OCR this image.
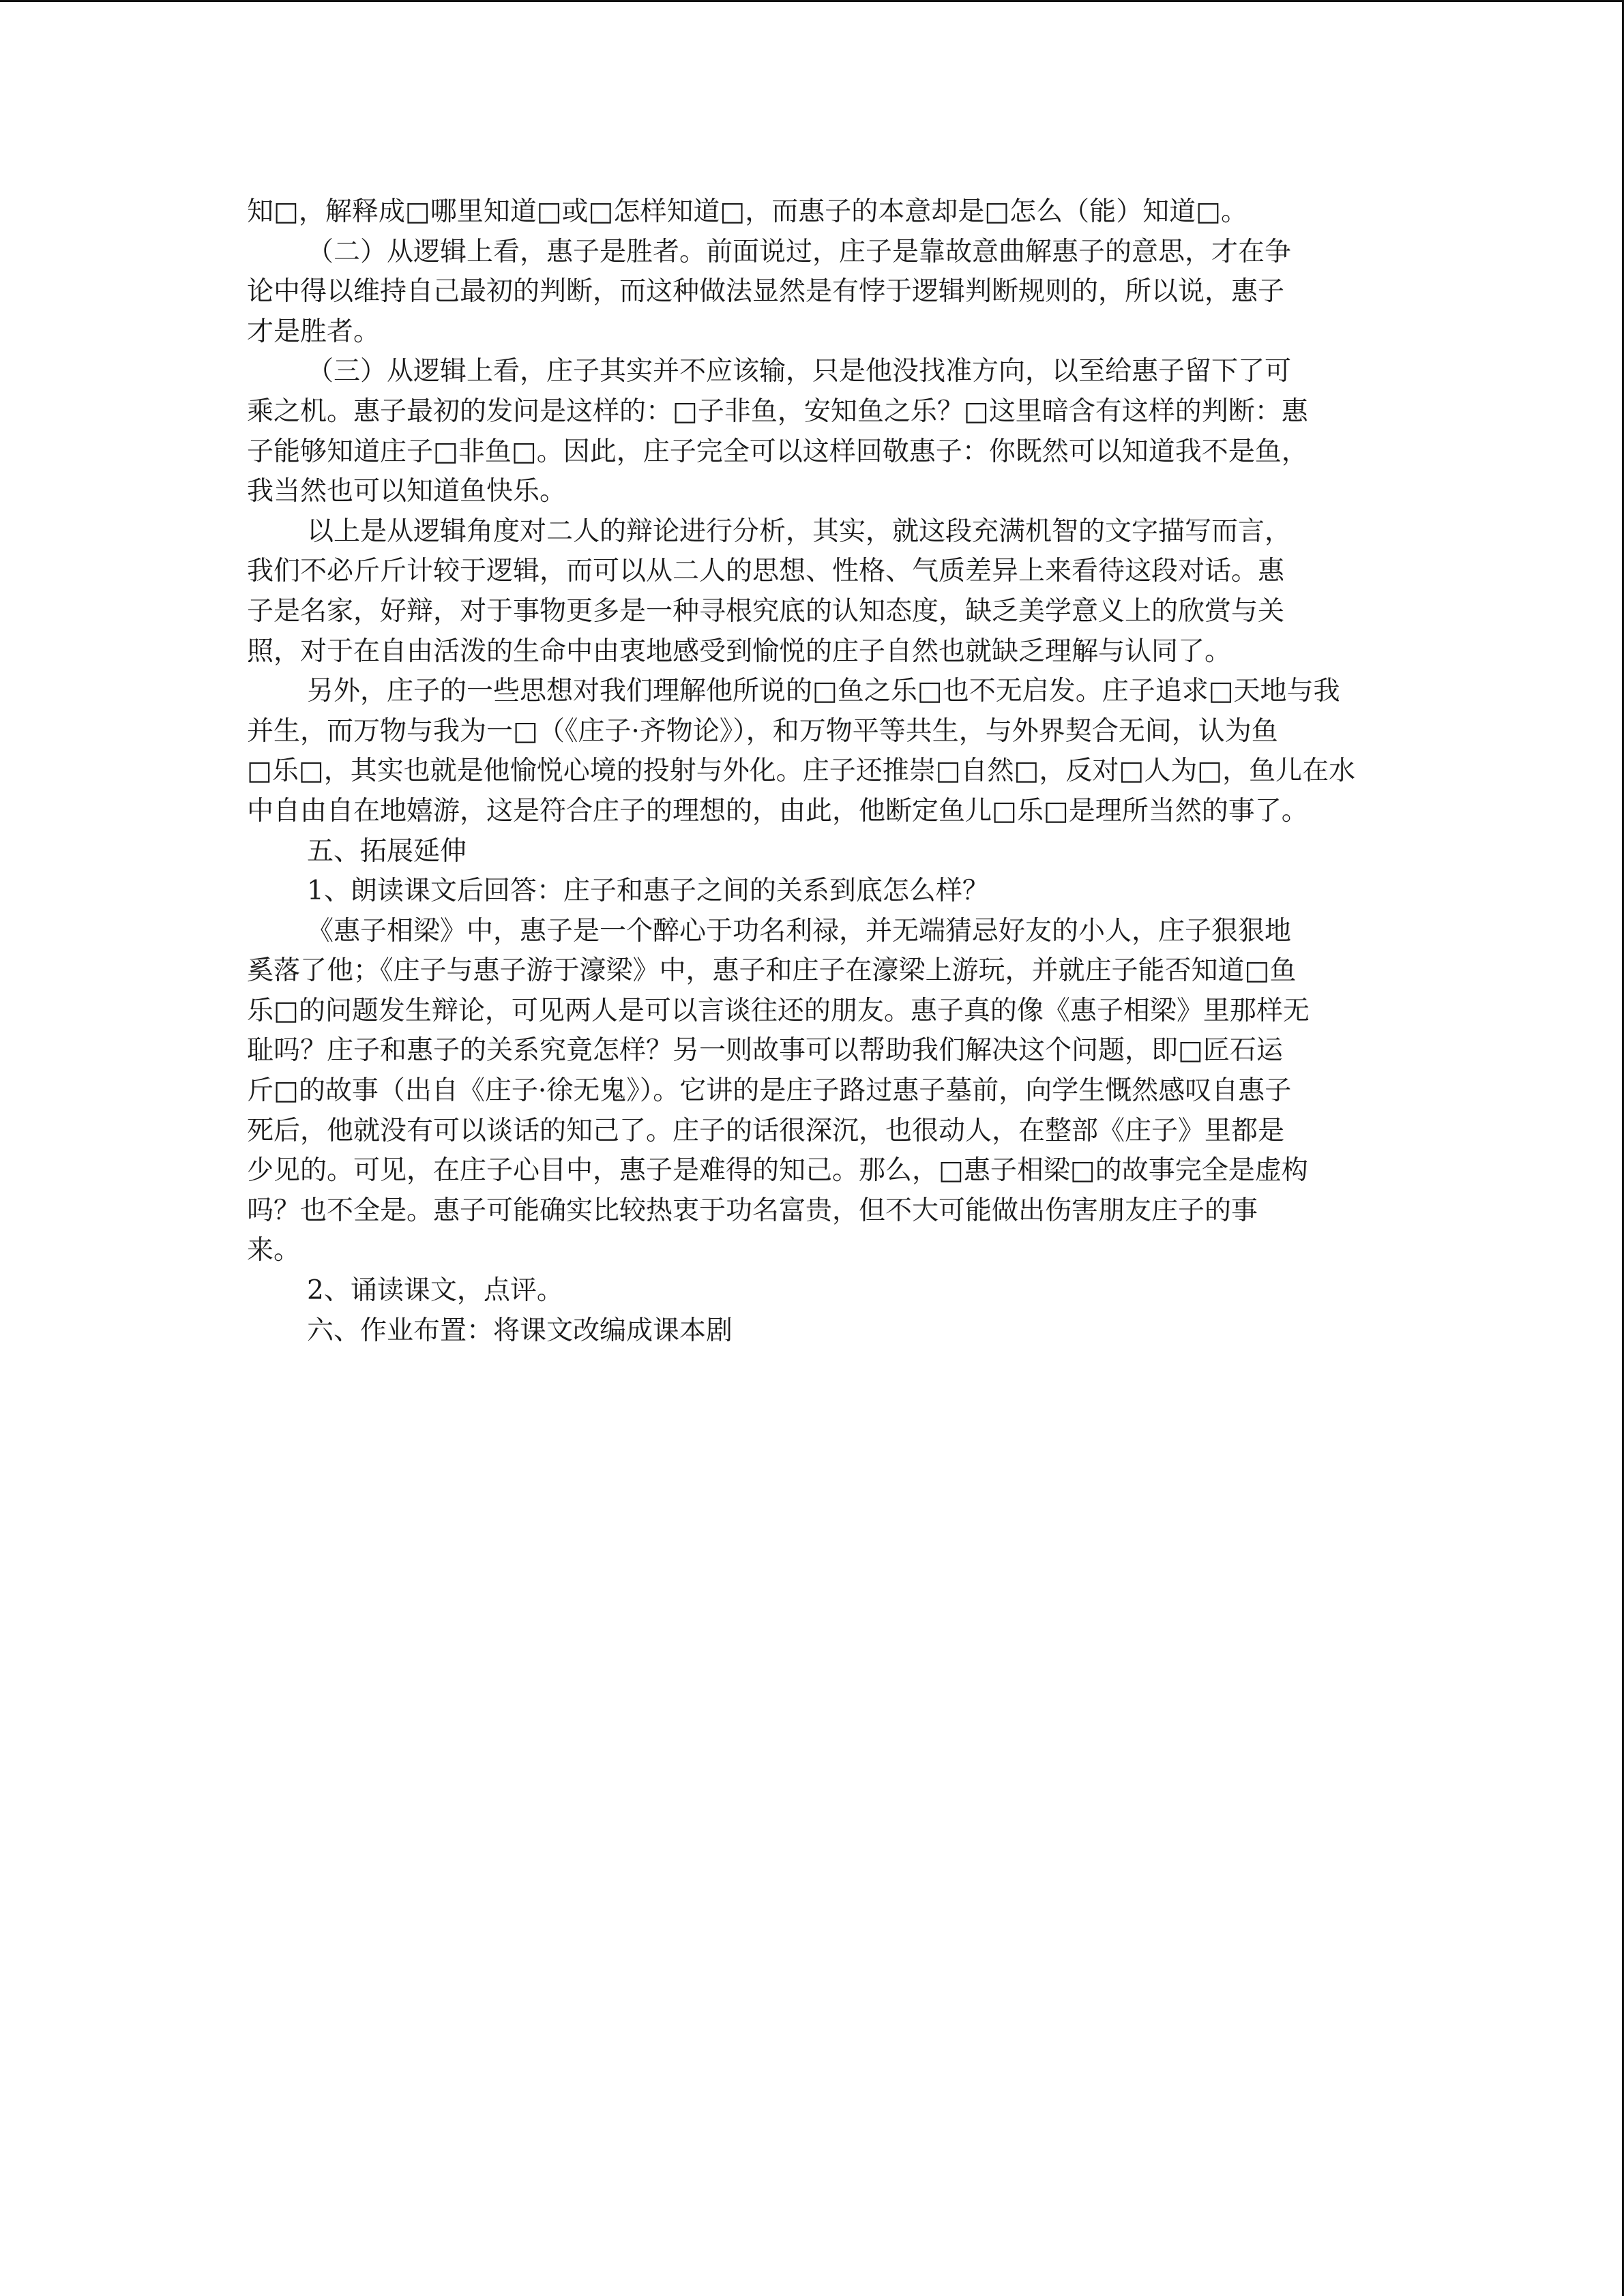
知□，解释成□哪里知道□或□怎样知道□，而惠子的本意却是□怎么（能）知道□。
（二）从逻辑上看，惠子是胜者。前面说过，庄子是靠故意曲解惠子的意思，才在争
论中得以维持自己最初的判断，而这种做法显然是有悖于逻辑判断规则的，所以说，惠子
才是胜者。
（三）从逻辑上看，庄子其实并不应该输，只是他没找准方向，以至给惠子留下了可
乘之机。惠子最初的发问是这样的：□子非鱼，安知鱼之乐？□这里暗含有这样的判断：惠
子能够知道庄子□非鱼□。因此，庄子完全可以这样回敬惠子：你既然可以知道我不是鱼，
我当然也可以知道鱼快乐。
以上是从逻辑角度对二人的辩论进行分析，其实，就这段充满机智的文字描写而言，
我们不必斤斤计较于逻辑，而可以从二人的思想、性格、气质差异上来看待这段对话。惠
子是名家，好辩，对于事物更多是一种寻根究底的认知态度，缺乏美学意义上的欣赏与关
照，对于在自由活泼的生命中由衷地感受到愉悦的庄子自然也就缺乏理解与认同了。
另外，庄子的一些思想对我们理解他所说的□鱼之乐□也不无启发。庄子追求□天地与我
并生，而万物与我为一□（《庄子·齐物论》），和万物平等共生，与外界契合无间，认为鱼
□乐□，其实也就是他愉悦心境的投射与外化。庄子还推崇□自然□，反对□人为□，鱼儿在水
中自由自在地嬉游，这是符合庄子的理想的，由此，他断定鱼儿□乐□是理所当然的事了。
五、拓展延伸
1、朗读课文后回答：庄子和惠子之间的关系到底怎么样？
《惠子相梁》中，惠子是一个醉心于功名利禄，并无端猜忌好友的小人，庄子狠狠地
奚落了他；《庄子与惠子游于濠梁》中，惠子和庄子在濠梁上游玩，并就庄子能否知道□鱼
乐□的问题发生辩论，可见两人是可以言谈往还的朋友。惠子真的像《惠子相梁》里那样无
耻吗？庄子和惠子的关系究竟怎样？另一则故事可以帮助我们解决这个问题，即□匠石运
斤□的故事（出自《庄子·徐无鬼》）。它讲的是庄子路过惠子墓前，向学生慨然感叹自惠子
死后，他就没有可以谈话的知己了。庄子的话很深沉，也很动人，在整部《庄子》里都是
少见的。可见，在庄子心目中，惠子是难得的知己。那么，□惠子相梁□的故事完全是虚构
吗？也不全是。惠子可能确实比较热衷于功名富贵，但不大可能做出伤害朋友庄子的事
来。
2、诵读课文，点评。
六、作业布置：将课文改编成课本剧
